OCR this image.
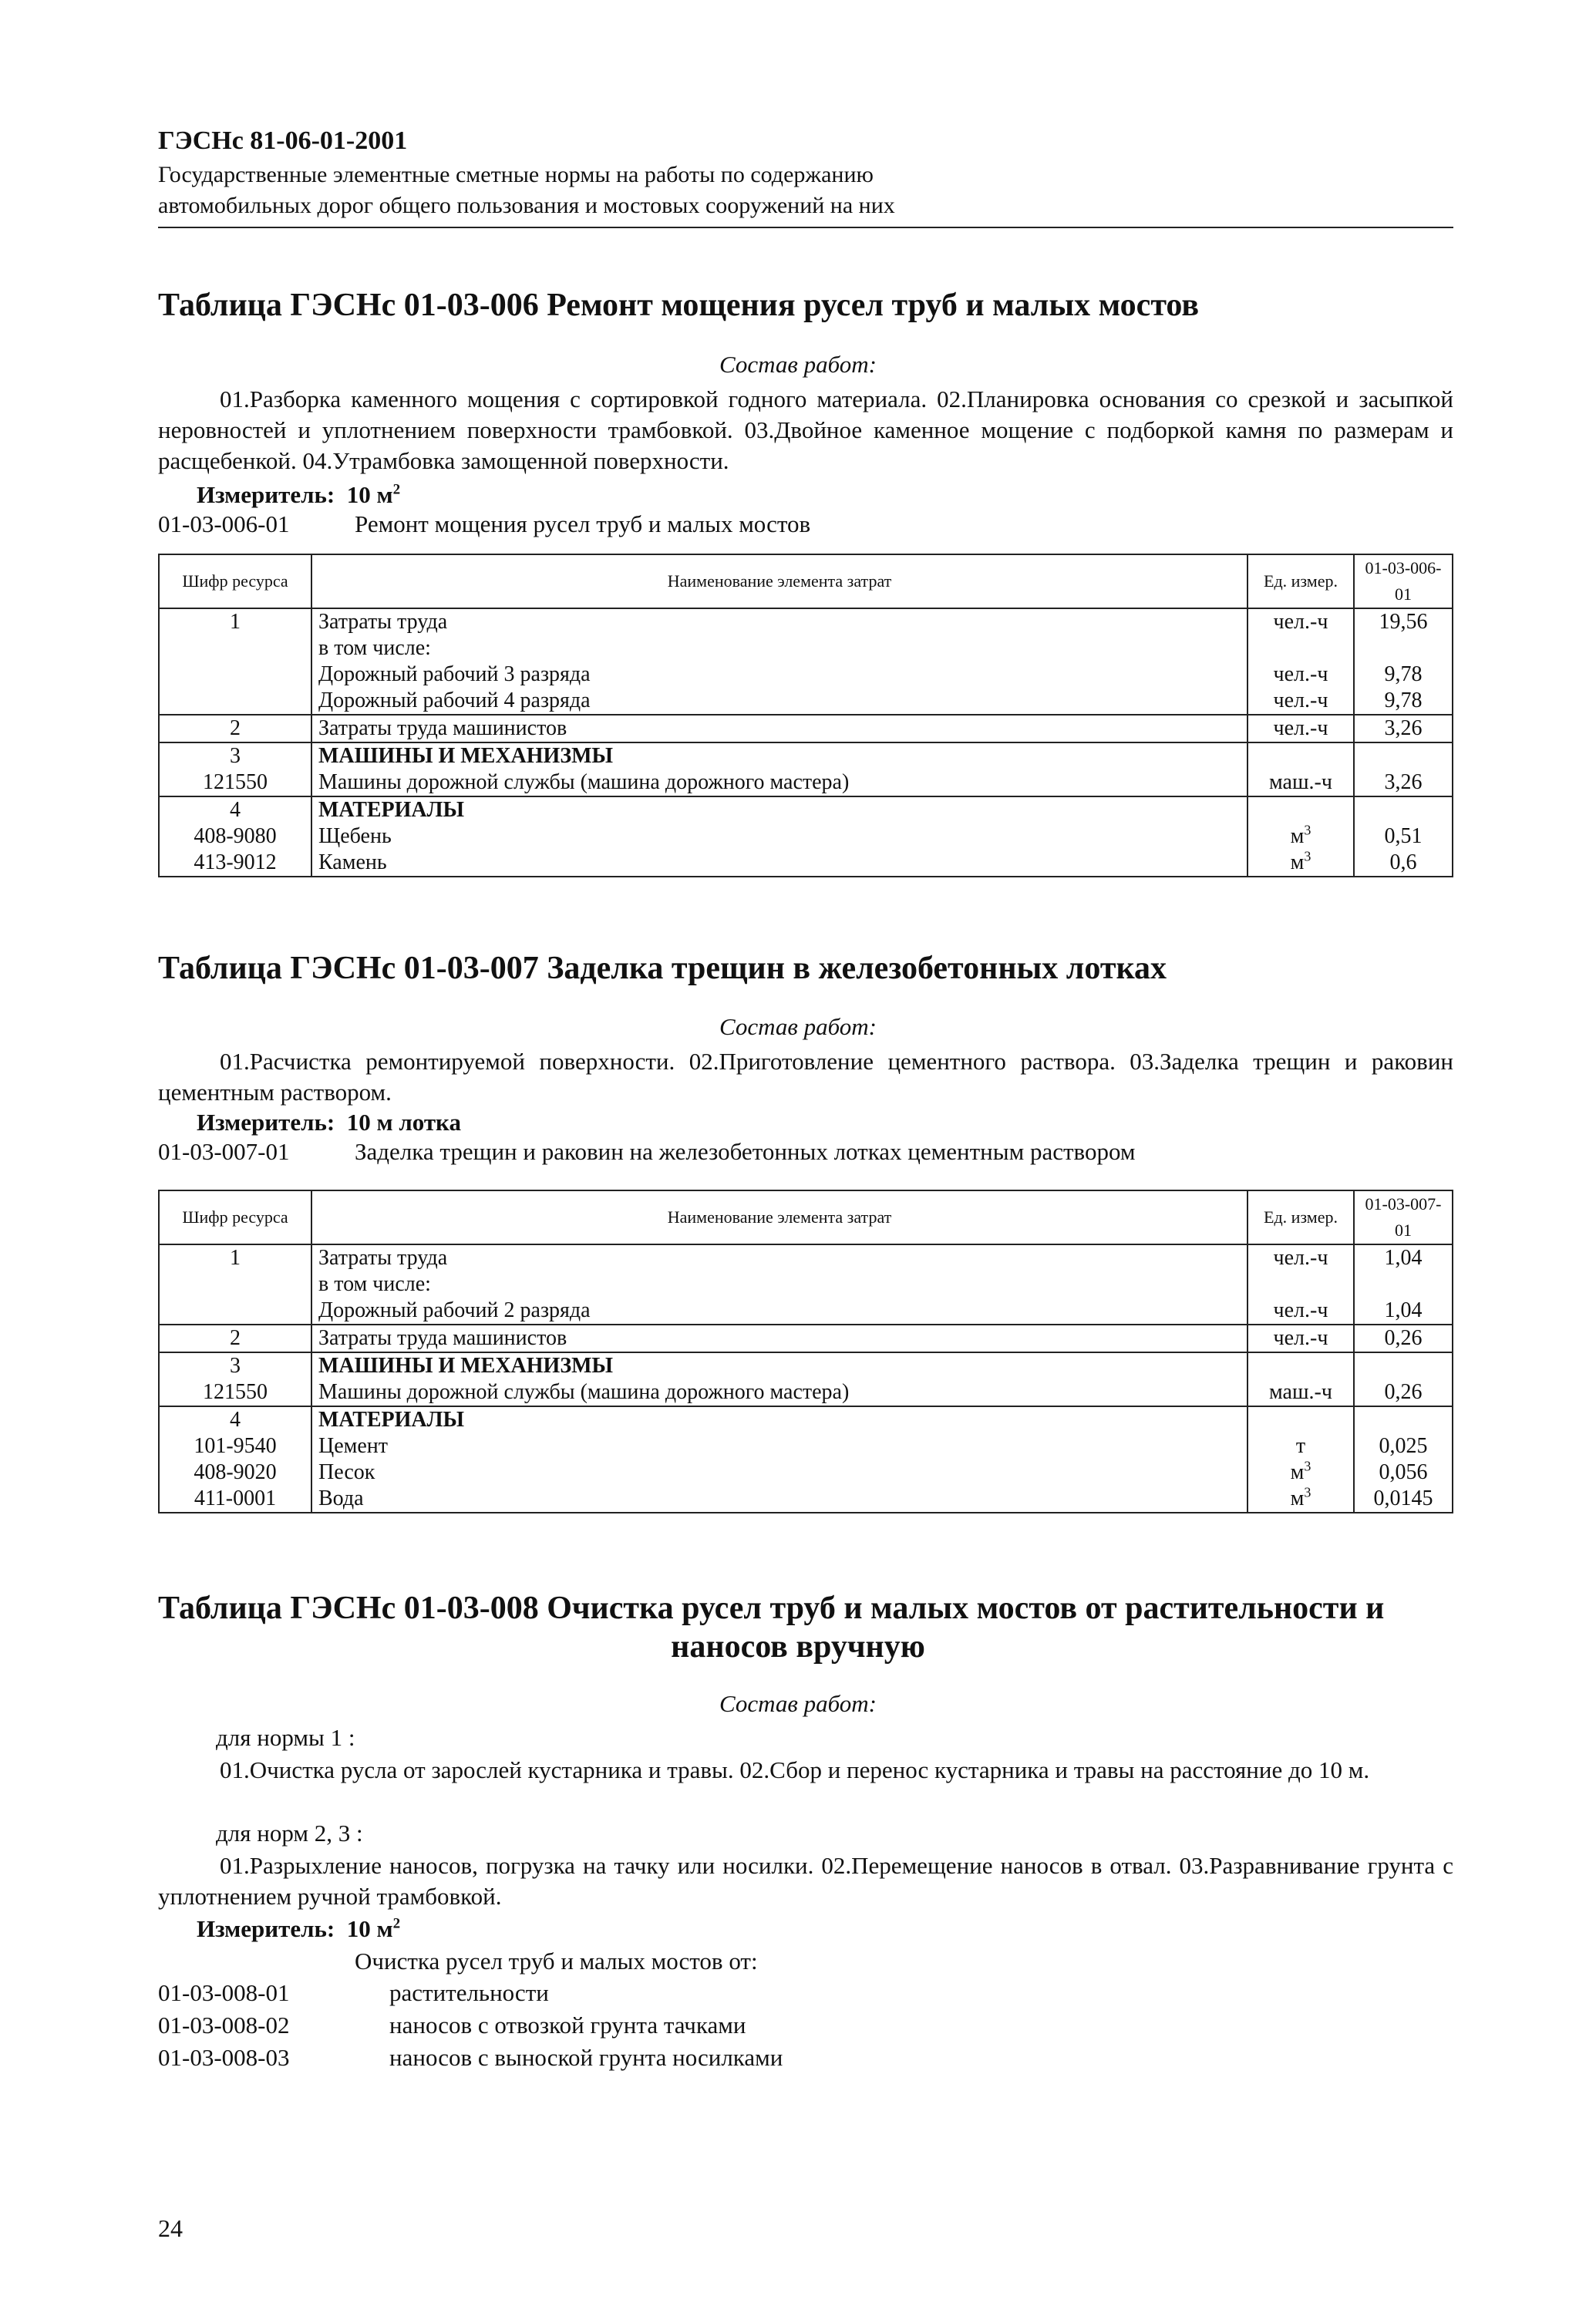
ГЭСНс 81-06-01-2001
Государственные элементные сметные нормы на работы по содержанию
автомобильных дорог общего пользования и мостовых сооружений на них
Таблица ГЭСНс 01-03-006 Ремонт мощения русел труб и малых мостов
Состав работ:
01.Разборка каменного мощения с сортировкой годного материала. 02.Планировка основания со срезкой и засыпкой неровностей и уплотнением поверхности трамбовкой. 03.Двойное каменное мощение с подборкой камня по размерам и расщебенкой. 04.Утрамбовка замощенной поверхности.
Измеритель: 10 $м^2$
01-03-006-01	Ремонт мощения русел труб и малых мостов
Шифр ресурса	Наименование элемента затрат	Ед. измер.	01-03-006-01
1	Затраты труда	чел.-ч	19,56
	в том числе:		
	Дорожный рабочий 3 разряда	чел.-ч	9,78
	Дорожный рабочий 4 разряда	чел.-ч	9,78
2	Затраты труда машинистов	чел.-ч	3,26
3	МАШИНЫ И МЕХАНИЗМЫ		
121550	Машины дорожной службы (машина дорожного мастера)	маш.-ч	3,26
4	МАТЕРИАЛЫ		
408-9080	Щебень	$м^3$	0,51
413-9012	Камень	$м^3$	0,6
Таблица ГЭСНс 01-03-007 Заделка трещин в железобетонных лотках
Состав работ:
01.Расчистка ремонтируемой поверхности. 02.Приготовление цементного раствора. 03.Заделка трещин и раковин цементным раствором.
Измеритель: 10 м лотка
01-03-007-01	Заделка трещин и раковин на железобетонных лотках цементным раствором
Шифр ресурса	Наименование элемента затрат	Ед. измер.	01-03-007-01
1	Затраты труда	чел.-ч	1,04
	в том числе:		
	Дорожный рабочий 2 разряда	чел.-ч	1,04
2	Затраты труда машинистов	чел.-ч	0,26
3	МАШИНЫ И МЕХАНИЗМЫ		
121550	Машины дорожной службы (машина дорожного мастера)	маш.-ч	0,26
4	МАТЕРИАЛЫ		
101-9540	Цемент	т	0,025
408-9020	Песок	$м^3$	0,056
411-0001	Вода	$м^3$	0,0145
Таблица ГЭСНс 01-03-008 Очистка русел труб и малых мостов от растительности и
наносов вручную
Состав работ:
для нормы 1 :
01.Очистка русла от зарослей кустарника и травы. 02.Сбор и перенос кустарника и травы на расстояние до 10 м.
для норм 2, 3 :
01.Разрыхление наносов, погрузка на тачку или носилки. 02.Перемещение наносов в отвал. 03.Разравнивание грунта с уплотнением ручной трамбовкой.
Измеритель: 10 $м^2$
Очистка русел труб и малых мостов от:
01-03-008-01	растительности
01-03-008-02	наносов с отвозкой грунта тачками
01-03-008-03	наносов с выноской грунта носилками
24
